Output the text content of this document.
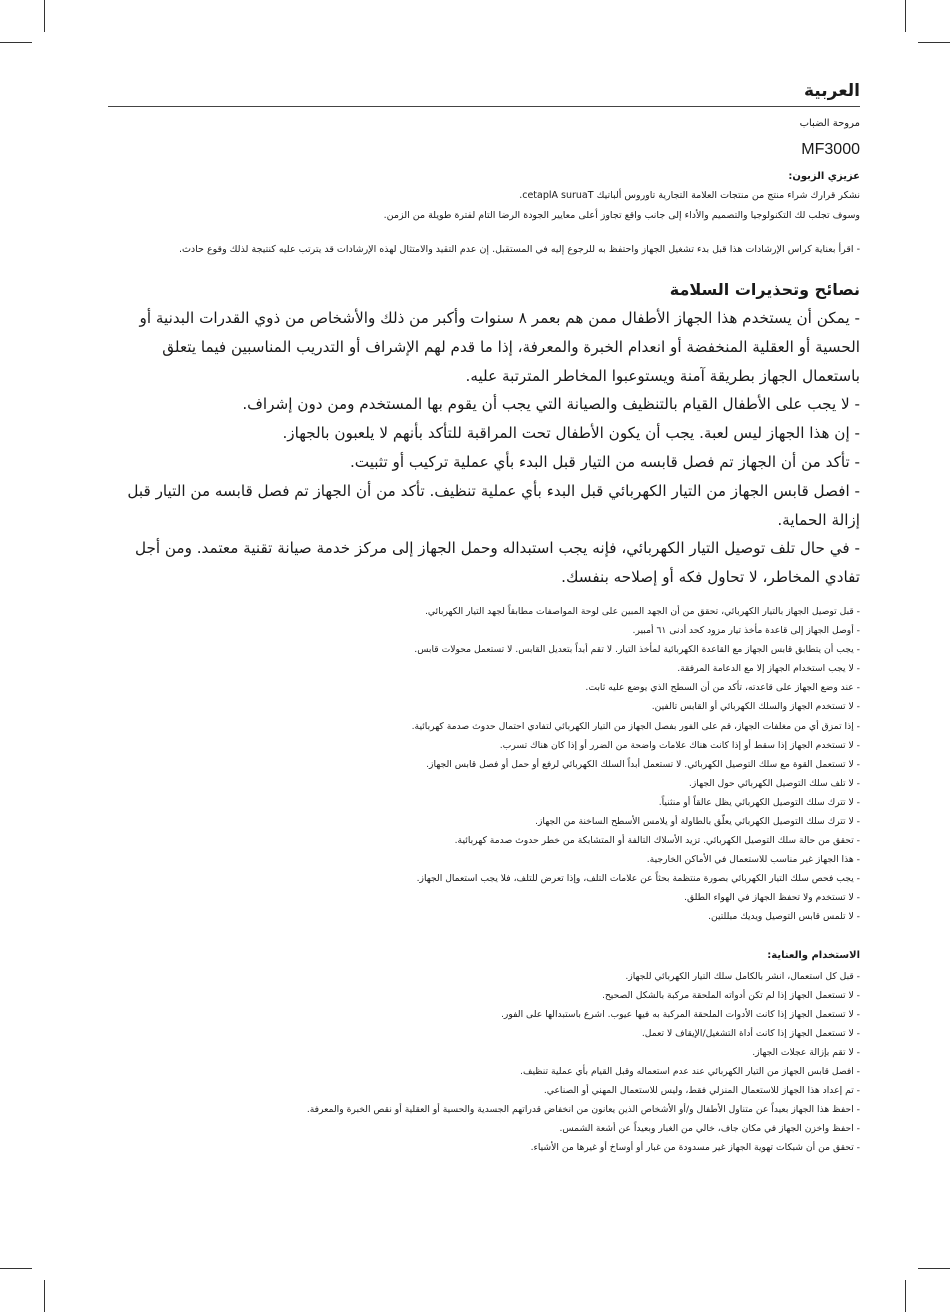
العربية

مروحة الضباب

MF3000

عزيزي الزبون:

نشكر قرارك شراء منتج من منتجات العلامة التجارية تاوروس ألباتيك cetaplA suruaT.

وسوف تجلب لك التكنولوجيا والتصميم والأداء إلى جانب واقع تجاوز أعلى معايير الجودة الرضا التام لفترة طويلة من الزمن.

- اقرأ بعناية كراس الإرشادات هذا قبل بدء تشغيل الجهاز واحتفظ به للرجوع إليه في المستقبل. إن عدم التقيد والامتثال لهذه الإرشادات قد يترتب عليه كنتيجة لذلك وقوع حادث.

نصائح وتحذيرات السلامة
- يمكن أن يستخدم هذا الجهاز الأطفال ممن هم بعمر ٨ سنوات وأكبر من ذلك والأشخاص من ذوي القدرات البدنية أو الحسية أو العقلية المنخفضة أو انعدام الخبرة والمعرفة، إذا ما قدم لهم الإشراف أو التدريب المناسبين فيما يتعلق باستعمال الجهاز بطريقة آمنة ويستوعبوا المخاطر المترتبة عليه.
- لا يجب على الأطفال القيام بالتنظيف والصيانة التي يجب أن يقوم بها المستخدم ومن دون إشراف.
- إن هذا الجهاز ليس لعبة. يجب أن يكون الأطفال تحت المراقبة للتأكد بأنهم لا يلعبون بالجهاز.
- تأكد من أن الجهاز تم فصل قابسه من التيار قبل البدء بأي عملية تركيب أو تثبيت.
- افصل قابس الجهاز من التيار الكهربائي قبل البدء بأي عملية تنظيف. تأكد من أن الجهاز تم فصل قابسه من التيار قبل إزالة الحماية.
- في حال تلف توصيل التيار الكهربائي، فإنه يجب استبداله وحمل الجهاز إلى مركز خدمة صيانة تقنية معتمد. ومن أجل تفادي المخاطر، لا تحاول فكه أو إصلاحه بنفسك.
- قبل توصيل الجهاز بالتيار الكهربائي، تحقق من أن الجهد المبين على لوحة المواصفات مطابقاً لجهد التيار الكهربائي.
- أوصل الجهاز إلى قاعدة مأخذ تيار مزود كحد أدنى ٦١ أمبير.
- يجب أن يتطابق قابس الجهاز مع القاعدة الكهربائية لمأخذ التيار. لا تقم أبداً بتعديل القابس. لا تستعمل محولات قابس.
- لا يجب استخدام الجهاز إلا مع الدعامة المرفقة.
- عند وضع الجهاز على قاعدته، تأكد من أن السطح الذي يوضع عليه ثابت.
- لا تستخدم الجهاز والسلك الكهربائي أو القابس تالفين.
- إذا تمزق أي من مغلفات الجهاز، قم على الفور بفصل الجهاز من التيار الكهربائي لتفادي احتمال حدوث صدمة كهربائية.
- لا تستخدم الجهاز إذا سقط أو إذا كانت هناك علامات واضحة من الضرر أو إذا كان هناك تسرب.
- لا تستعمل القوة مع سلك التوصيل الكهربائي. لا تستعمل أبداً السلك الكهربائي لرفع أو حمل أو فصل قابس الجهاز.
- لا تلف سلك التوصيل الكهربائي حول الجهاز.
- لا تترك سلك التوصيل الكهربائي يظل عالقاً أو منثنياً.
- لا تترك سلك التوصيل الكهربائي يعلّق بالطاولة أو يلامس الأسطح الساخنة من الجهاز.
- تحقق من حالة سلك التوصيل الكهربائي. تزيد الأسلاك التالفة أو المتشابكة من خطر حدوث صدمة كهربائية.
- هذا الجهاز غير مناسب للاستعمال في الأماكن الخارجية.
- يجب فحص سلك التيار الكهربائي بصورة منتظمة بحثاً عن علامات التلف، وإذا تعرض للتلف، فلا يجب استعمال الجهاز.
- لا تستخدم ولا تحفظ الجهاز في الهواء الطلق.
- لا تلمس قابس التوصيل ويديك مبللتين.
الاستخدام والعناية:
- قبل كل استعمال، انشر بالكامل سلك التيار الكهربائي للجهاز.
- لا تستعمل الجهاز إذا لم تكن أدواته الملحقة مركبة بالشكل الصحيح.
- لا تستعمل الجهاز إذا كانت الأدوات الملحقة المركبة به فيها عيوب. اشرع باستبدالها على الفور.
- لا تستعمل الجهاز إذا كانت أداة التشغيل/الإيقاف لا تعمل.
- لا تقم بإزالة عجلات الجهاز.
- افصل قابس الجهاز من التيار الكهربائي عند عدم استعماله وقبل القيام بأي عملية تنظيف.
- تم إعداد هذا الجهاز للاستعمال المنزلي فقط، وليس للاستعمال المهني أو الصناعي.
- احفظ هذا الجهاز بعيداً عن متناول الأطفال و/أو الأشخاص الذين يعانون من انخفاض قدراتهم الجسدية والحسية أو العقلية أو نقص الخبرة والمعرفة.
- احفظ واخزن الجهاز في مكان جاف، خالي من الغبار وبعيداً عن أشعة الشمس.
- تحقق من أن شبكات تهوية الجهاز غير مسدودة من غبار أو أوساخ أو غيرها من الأشياء.
